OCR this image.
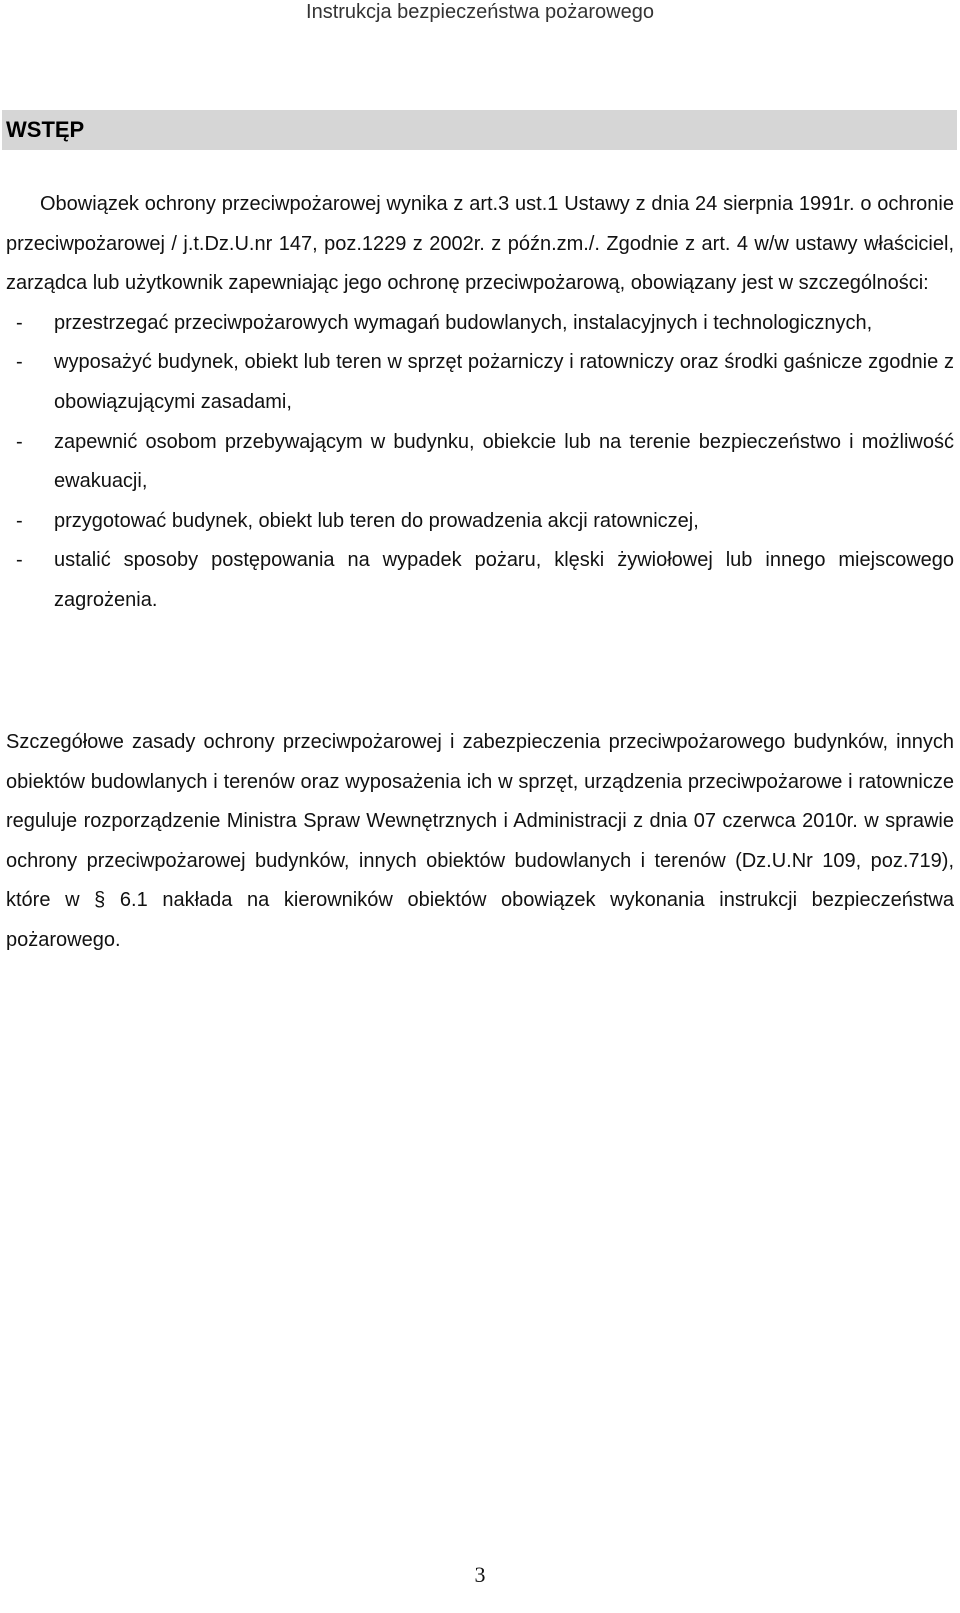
Instrukcja bezpieczeństwa pożarowego
WSTĘP
Obowiązek ochrony przeciwpożarowej wynika z art.3 ust.1 Ustawy z dnia 24 sierpnia 1991r. o ochronie przeciwpożarowej / j.t.Dz.U.nr 147, poz.1229 z 2002r. z późn.zm./. Zgodnie z art. 4 w/w ustawy właściciel, zarządca lub użytkownik zapewniając jego ochronę przeciwpożarową, obowiązany jest w szczególności:
- przestrzegać przeciwpożarowych wymagań budowlanych, instalacyjnych i technologicznych,
- wyposażyć budynek, obiekt lub teren w sprzęt pożarniczy i ratowniczy oraz środki gaśnicze zgodnie z obowiązującymi zasadami,
- zapewnić osobom przebywającym w budynku, obiekcie lub na terenie bezpieczeństwo i możliwość ewakuacji,
- przygotować budynek, obiekt lub teren do prowadzenia akcji ratowniczej,
- ustalić sposoby postępowania na wypadek pożaru, klęski żywiołowej lub innego miejscowego zagrożenia.
Szczegółowe zasady ochrony przeciwpożarowej i zabezpieczenia przeciwpożarowego budynków, innych obiektów budowlanych i terenów oraz wyposażenia ich w sprzęt, urządzenia przeciwpożarowe i ratownicze reguluje rozporządzenie Ministra Spraw Wewnętrznych i Administracji z dnia 07 czerwca 2010r. w sprawie ochrony przeciwpożarowej budynków, innych obiektów budowlanych i terenów (Dz.U.Nr 109, poz.719), które w § 6.1 nakłada na kierowników obiektów obowiązek wykonania instrukcji bezpieczeństwa pożarowego.
3
